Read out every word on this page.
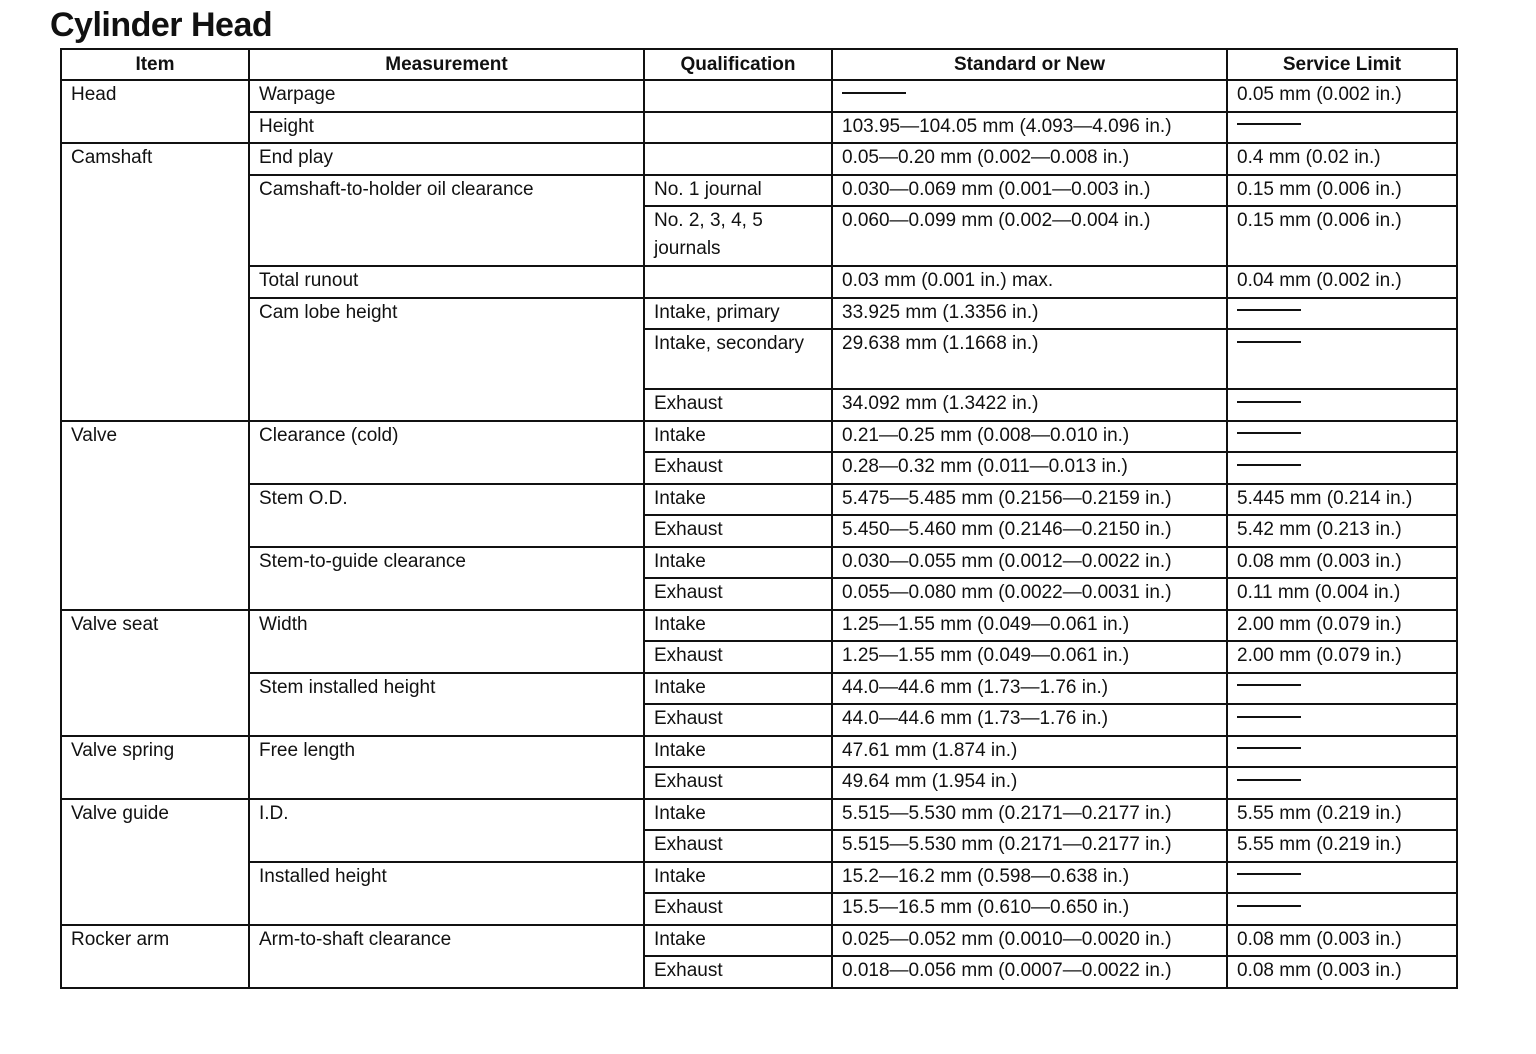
Cylinder Head
Item	Measurement	Qualification	Standard or New	Service Limit
Head	Warpage			0.05 mm (0.002 in.)
	Height		103.95—104.05 mm (4.093—4.096 in.)	
Camshaft	End play		0.05—0.20 mm (0.002—0.008 in.)	0.4 mm (0.02 in.)
	Camshaft-to-holder oil clearance	No. 1 journal	0.030—0.069 mm (0.001—0.003 in.)	0.15 mm (0.006 in.)
		No. 2, 3, 4, 5 journals	0.060—0.099 mm (0.002—0.004 in.)	0.15 mm (0.006 in.)
	Total runout		0.03 mm (0.001 in.) max.	0.04 mm (0.002 in.)
	Cam lobe height	Intake, primary	33.925 mm (1.3356 in.)	
		Intake, secondary	29.638 mm (1.1668 in.)	
		Exhaust	34.092 mm (1.3422 in.)	
Valve	Clearance (cold)	Intake	0.21—0.25 mm (0.008—0.010 in.)	
		Exhaust	0.28—0.32 mm (0.011—0.013 in.)	
	Stem O.D.	Intake	5.475—5.485 mm (0.2156—0.2159 in.)	5.445 mm (0.214 in.)
		Exhaust	5.450—5.460 mm (0.2146—0.2150 in.)	5.42 mm (0.213 in.)
	Stem-to-guide clearance	Intake	0.030—0.055 mm (0.0012—0.0022 in.)	0.08 mm (0.003 in.)
		Exhaust	0.055—0.080 mm (0.0022—0.0031 in.)	0.11 mm (0.004 in.)
Valve seat	Width	Intake	1.25—1.55 mm (0.049—0.061 in.)	2.00 mm (0.079 in.)
		Exhaust	1.25—1.55 mm (0.049—0.061 in.)	2.00 mm (0.079 in.)
	Stem installed height	Intake	44.0—44.6 mm (1.73—1.76 in.)	
		Exhaust	44.0—44.6 mm (1.73—1.76 in.)	
Valve spring	Free length	Intake	47.61 mm (1.874 in.)	
		Exhaust	49.64 mm (1.954 in.)	
Valve guide	I.D.	Intake	5.515—5.530 mm (0.2171—0.2177 in.)	5.55 mm (0.219 in.)
		Exhaust	5.515—5.530 mm (0.2171—0.2177 in.)	5.55 mm (0.219 in.)
	Installed height	Intake	15.2—16.2 mm (0.598—0.638 in.)	
		Exhaust	15.5—16.5 mm (0.610—0.650 in.)	
Rocker arm	Arm-to-shaft clearance	Intake	0.025—0.052 mm (0.0010—0.0020 in.)	0.08 mm (0.003 in.)
		Exhaust	0.018—0.056 mm (0.0007—0.0022 in.)	0.08 mm (0.003 in.)
